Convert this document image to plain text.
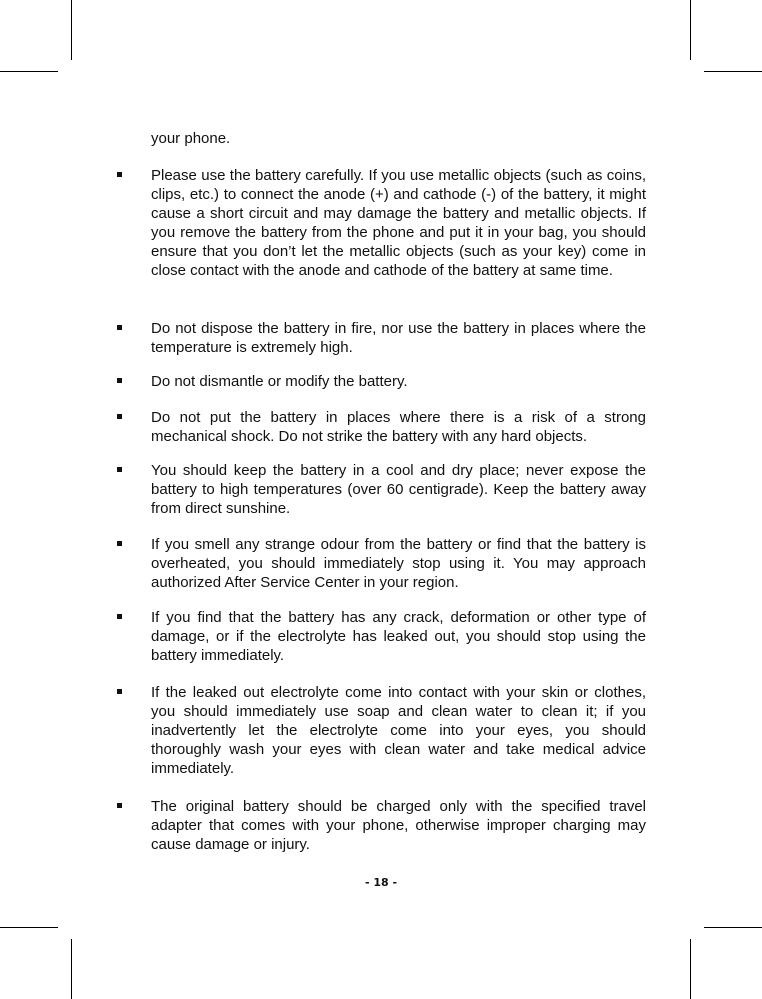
your phone.
Please use the battery carefully. If you use metallic objects (such as coins, clips, etc.) to connect the anode (+) and cathode (-) of the battery, it might cause a short circuit and may damage the battery and metallic objects. If you remove the battery from the phone and put it in your bag, you should ensure that you don’t let the metallic objects (such as your key) come in close contact with the anode and cathode of the battery at same time.
Do not dispose the battery in fire, nor use the battery in places where the temperature is extremely high.
Do not dismantle or modify the battery.
Do not put the battery in places where there is a risk of a strong mechanical shock. Do not strike the battery with any hard objects.
You should keep the battery in a cool and dry place; never expose the battery to high temperatures (over 60 centigrade). Keep the battery away from direct sunshine.
If you smell any strange odour from the battery or find that the battery is overheated, you should immediately stop using it. You may approach authorized After Service Center in your region.
If you find that the battery has any crack, deformation or other type of damage, or if the electrolyte has leaked out, you should stop using the battery immediately.
If the leaked out electrolyte come into contact with your skin or clothes, you should immediately use soap and clean water to clean it; if you inadvertently let the electrolyte come into your eyes, you should thoroughly wash your eyes with clean water and take medical advice immediately.
The original battery should be charged only with the specified travel adapter that comes with your phone, otherwise improper charging may cause damage or injury.
- 18 -
